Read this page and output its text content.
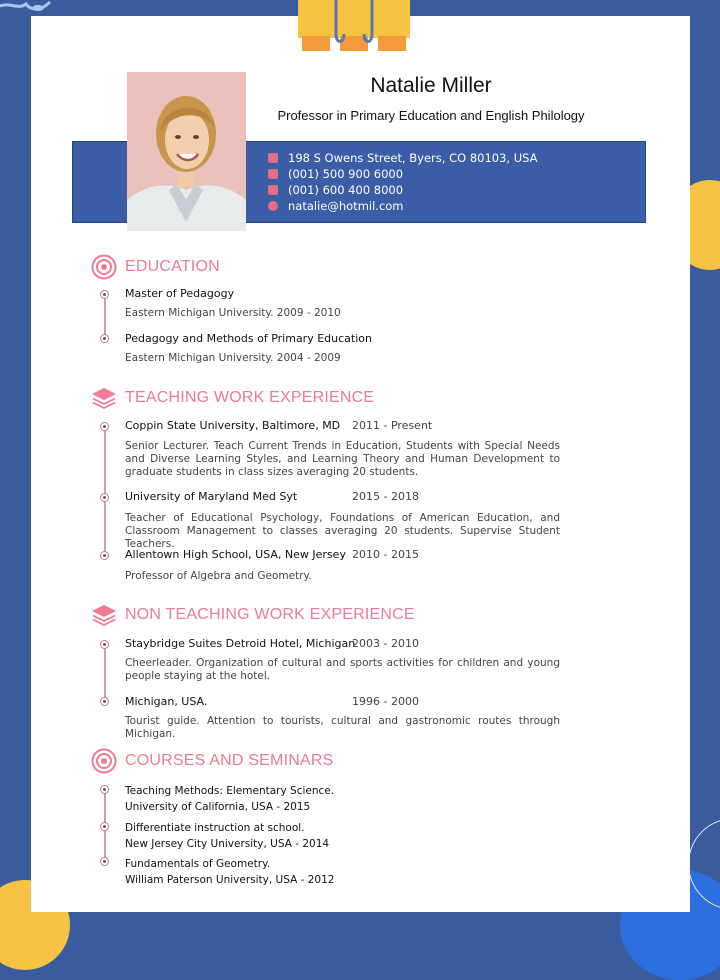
Natalie Miller
Professor in Primary Education and English Philology
198 S Owens Street, Byers, CO 80103, USA
(001) 500 900 6000
(001) 600 400 8000
natalie@hotmil.com
EDUCATION
Master of Pedagogy
Eastern Michigan University. 2009 - 2010
Pedagogy and Methods of Primary Education
Eastern Michigan University. 2004 - 2009
TEACHING WORK EXPERIENCE
Coppin State University, Baltimore, MD 2011 - Present
Senior Lecturer. Teach Current Trends in Education, Students with Special Needs and Diverse Learning Styles, and Learning Theory and Human Development to graduate students in class sizes averaging 20 students.
University of Maryland Med Syt	2015 - 2018
Teacher of Educational Psychology, Foundations of American Education, and Classroom Management to classes averaging 20 students. Supervise Student Teachers.
Allentown High School, USA, New Jersey 2010 - 2015
Professor of Algebra and Geometry.
NON TEACHING WORK EXPERIENCE
Staybridge Suites Detroid Hotel, Michigan
2003 - 2010
Cheerleader. Organization of cultural and sports activities for children and young people staying at the hotel.
Michigan, USA.	1996 - 2000
Tourist guide. Attention to tourists, cultural and gastronomic routes through Michigan.
COURSES AND SEMINARS
Teaching Methods: Elementary Science.
University of California, USA - 2015
Differentiate instruction at school.
New Jersey City University, USA - 2014
Fundamentals of Geometry.
William Paterson University, USA - 2012
